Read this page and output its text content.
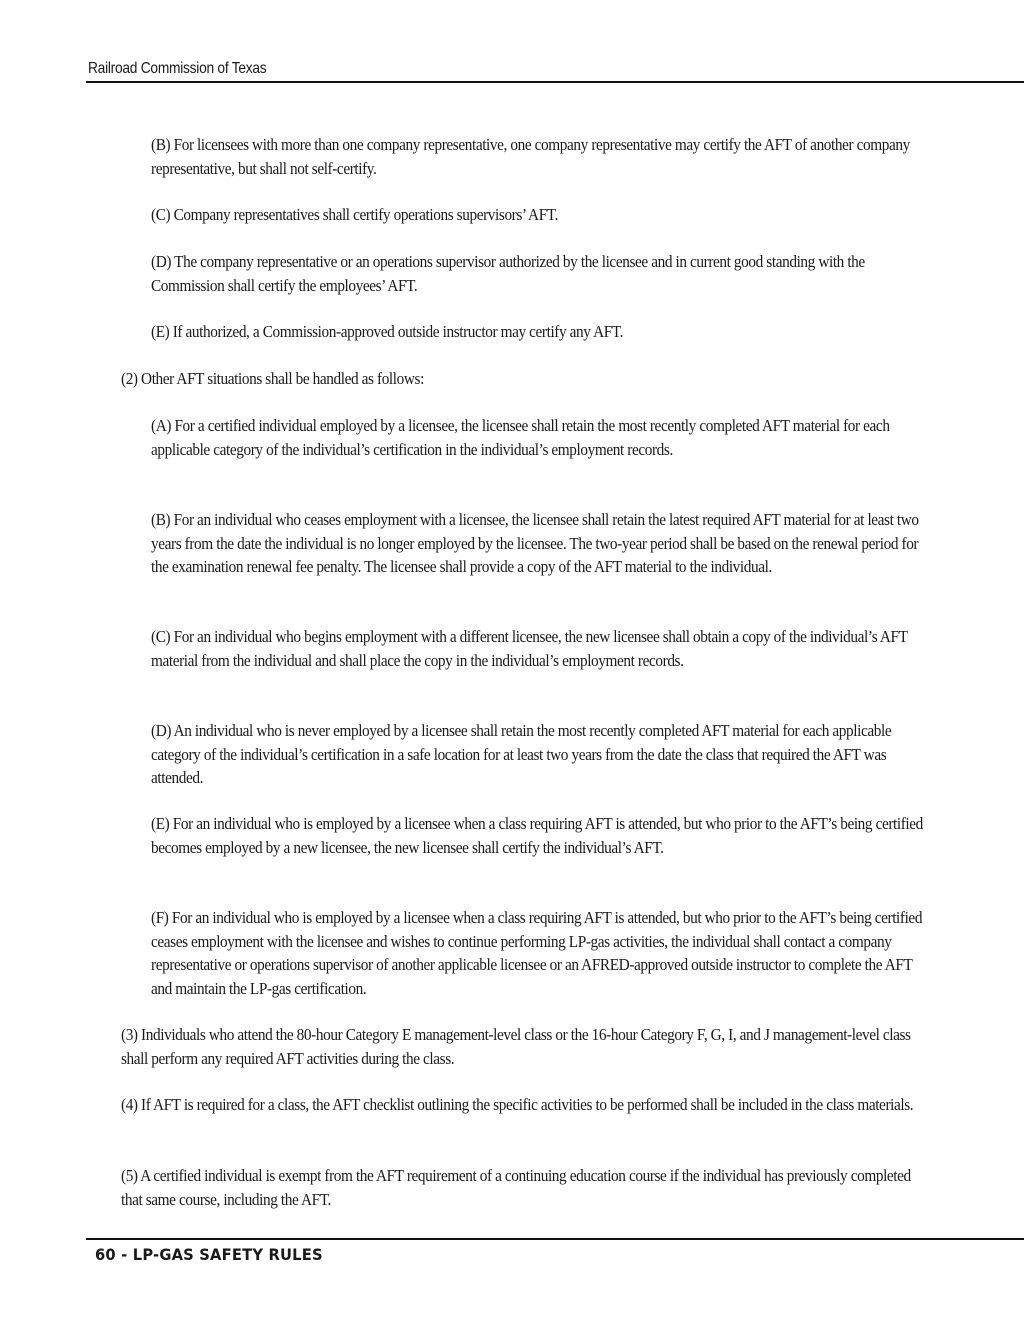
Railroad Commission of Texas

(B) For licensees with more than one company representative, one company representative may certify the AFT of another company representative, but shall not self-certify.

(C) Company representatives shall certify operations supervisors’ AFT.

(D) The company representative or an operations supervisor authorized by the licensee and in current good standing with the Commission shall certify the employees’ AFT.

(E) If authorized, a Commission-approved outside instructor may certify any AFT.

(2) Other AFT situations shall be handled as follows:

(A) For a certified individual employed by a licensee, the licensee shall retain the most recently completed AFT material for each applicable category of the individual’s certification in the individual’s employment records.

(B) For an individual who ceases employment with a licensee, the licensee shall retain the latest required AFT material for at least two years from the date the individual is no longer employed by the licensee. The two-year period shall be based on the renewal period for the examination renewal fee penalty. The licensee shall provide a copy of the AFT material to the individual.

(C) For an individual who begins employment with a different licensee, the new licensee shall obtain a copy of the individual’s AFT material from the individual and shall place the copy in the individual’s employment records.

(D) An individual who is never employed by a licensee shall retain the most recently completed AFT material for each applicable category of the individual’s certification in a safe location for at least two years from the date the class that required the AFT was attended.

(E) For an individual who is employed by a licensee when a class requiring AFT is attended, but who prior to the AFT’s being certified becomes employed by a new licensee, the new licensee shall certify the individual’s AFT.

(F) For an individual who is employed by a licensee when a class requiring AFT is attended, but who prior to the AFT’s being certified ceases employment with the licensee and wishes to continue performing LP-gas activities, the individual shall contact a company representative or operations supervisor of another applicable licensee or an AFRED-approved outside instructor to complete the AFT and maintain the LP-gas certification.

(3) Individuals who attend the 80-hour Category E management-level class or the 16-hour Category F, G, I, and J management-level class shall perform any required AFT activities during the class.

(4) If AFT is required for a class, the AFT checklist outlining the specific activities to be performed shall be included in the class materials.

(5) A certified individual is exempt from the AFT requirement of a continuing education course if the individual has previously completed that same course, including the AFT.

60 - LP-GAS SAFETY RULES
